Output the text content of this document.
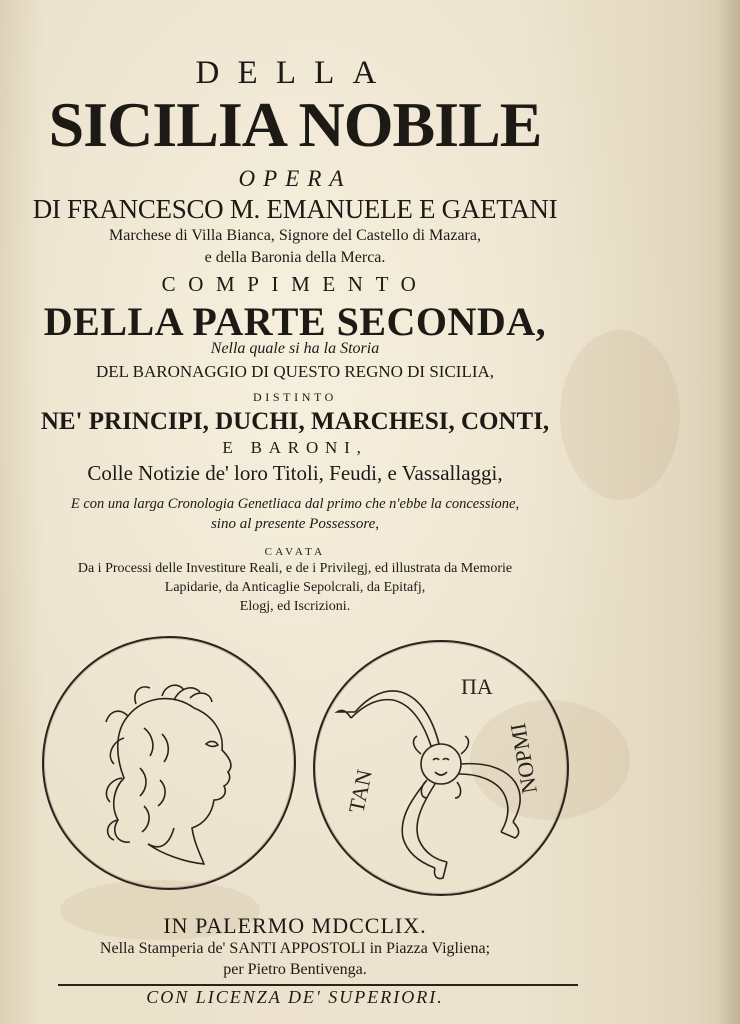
DELLA
SICILIA NOBILE
OPERA
DI FRANCESCO M. EMANUELE E GAETANI
Marchese di Villa Bianca, Signore del Castello di Mazara,
e della Baronia della Merca.
COMPIMENTO
DELLA PARTE SECONDA,
Nella quale si ha la Storia
DEL BARONAGGIO DI QUESTO REGNO DI SICILIA,
DISTINTO
NE' PRINCIPI, DUCHI, MARCHESI, CONTI,
E BARONI,
Colle Notizie de' loro Titoli, Feudi, e Vassallaggi,
E con una larga Cronologia Genetliaca dal primo che n'ebbe la concessione,
sino al presente Possessore,
CAVATA
Da i Processi delle Investiture Reali, e de i Privilegj, ed illustrata da Memorie
Lapidarie, da Anticaglie Sepolcrali, da Epitafj,
Elogj, ed Iscrizioni.
ΠΑ
ΤΑΝ	ΝΟΡΜΙ
IN PALERMO MDCCLIX.
Nella Stamperia de' SANTI APPOSTOLI in Piazza Vigliena;
per Pietro Bentivenga.
CON LICENZA DE' SUPERIORI.
